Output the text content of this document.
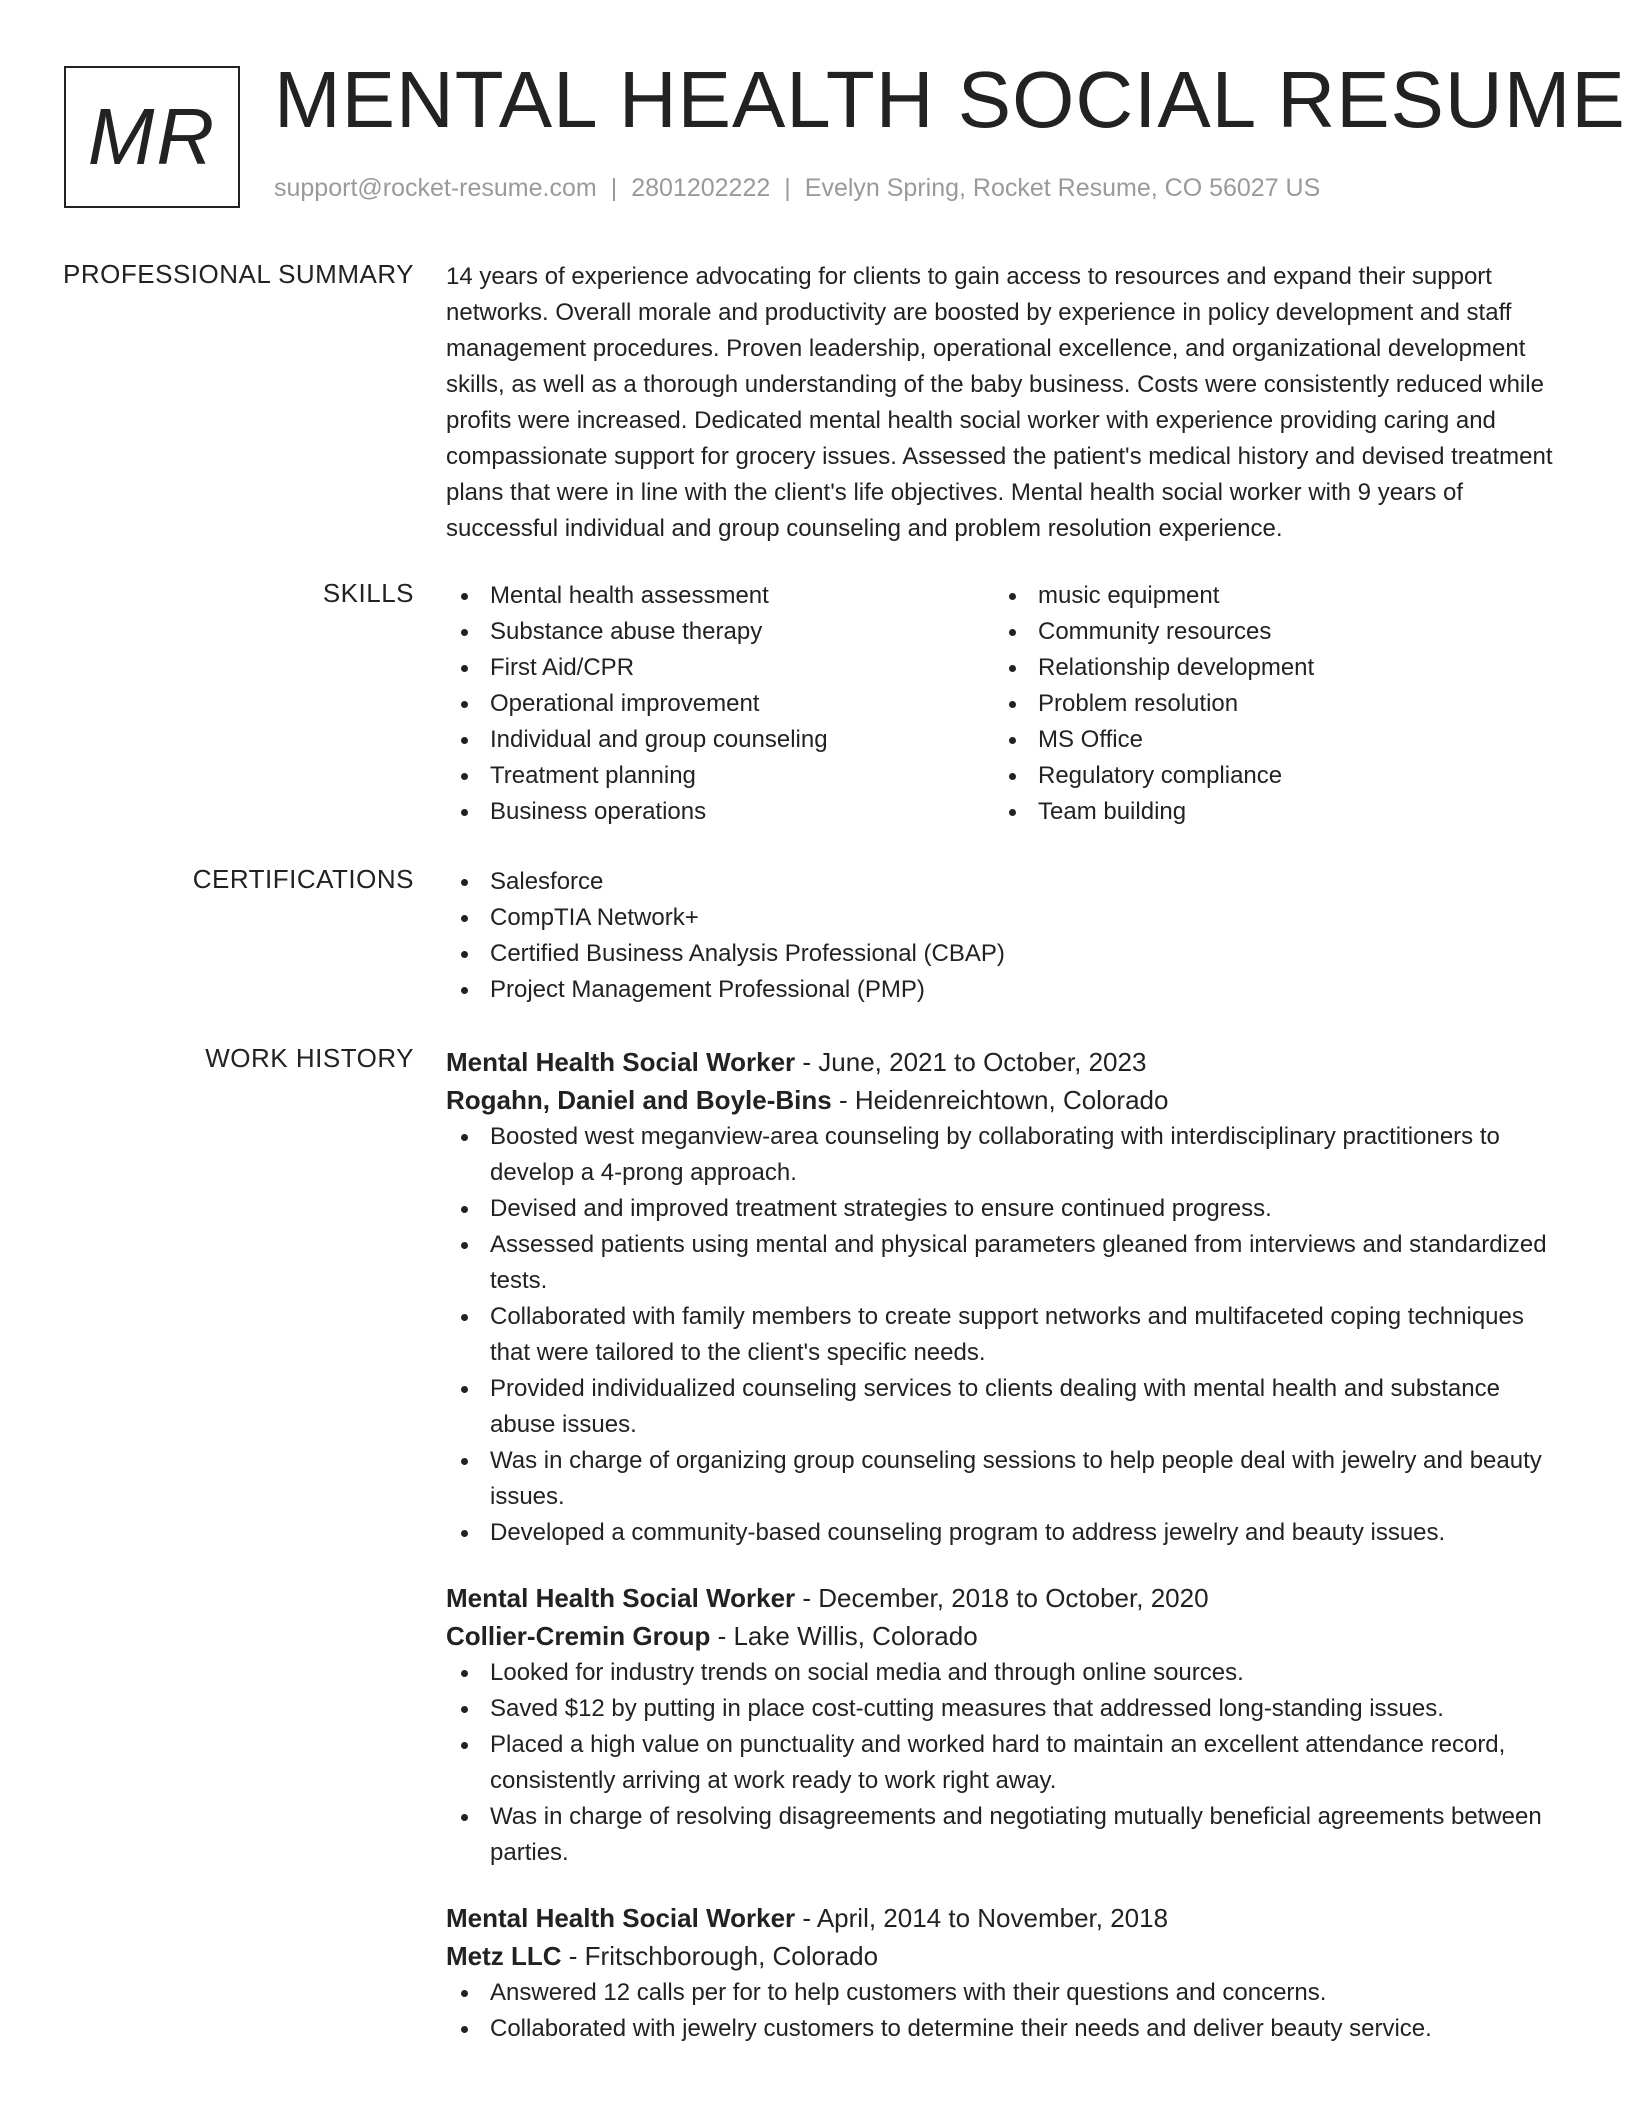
MR MENTAL HEALTH SOCIAL RESUME
support@rocket-resume.com | 2801202222 | Evelyn Spring, Rocket Resume, CO 56027 US
PROFESSIONAL SUMMARY 14 years of experience advocating for clients to gain access to resources and expand their support networks. Overall morale and productivity are boosted by experience in policy development and staff management procedures. Proven leadership, operational excellence, and organizational development skills, as well as a thorough understanding of the baby business. Costs were consistently reduced while profits were increased. Dedicated mental health social worker with experience providing caring and compassionate support for grocery issues. Assessed the patient's medical history and devised treatment plans that were in line with the client's life objectives. Mental health social worker with 9 years of successful individual and group counseling and problem resolution experience.

SKILLS	Mental health assessment
Substance abuse therapy
First Aid/CPR
Operational improvement
Individual and group counseling
Treatment planning
Business operations
music equipment
Community resources
Relationship development
Problem resolution
MS Office
Regulatory compliance
Team building
CERTIFICATIONS	Salesforce
CompTIA Network+
Certified Business Analysis Professional (CBAP)
Project Management Professional (PMP)
WORK HISTORY Mental Health Social Worker - June, 2021 to October, 2023
Rogahn, Daniel and Boyle-Bins - Heidenreichtown, Colorado
Boosted west meganview-area counseling by collaborating with interdisciplinary practitioners to develop a 4-prong approach.
Devised and improved treatment strategies to ensure continued progress.
Assessed patients using mental and physical parameters gleaned from interviews and standardized tests.
Collaborated with family members to create support networks and multifaceted coping techniques that were tailored to the client's specific needs.
Provided individualized counseling services to clients dealing with mental health and substance abuse issues.
Was in charge of organizing group counseling sessions to help people deal with jewelry and beauty issues.
Developed a community-based counseling program to address jewelry and beauty issues.
Mental Health Social Worker - December, 2018 to October, 2020
Collier-Cremin Group - Lake Willis, Colorado
Looked for industry trends on social media and through online sources.
Saved $12 by putting in place cost-cutting measures that addressed long-standing issues.
Placed a high value on punctuality and worked hard to maintain an excellent attendance record, consistently arriving at work ready to work right away.
Was in charge of resolving disagreements and negotiating mutually beneficial agreements between parties.
Mental Health Social Worker - April, 2014 to November, 2018
Metz LLC - Fritschborough, Colorado
Answered 12 calls per for to help customers with their questions and concerns.
Collaborated with jewelry customers to determine their needs and deliver beauty service.
